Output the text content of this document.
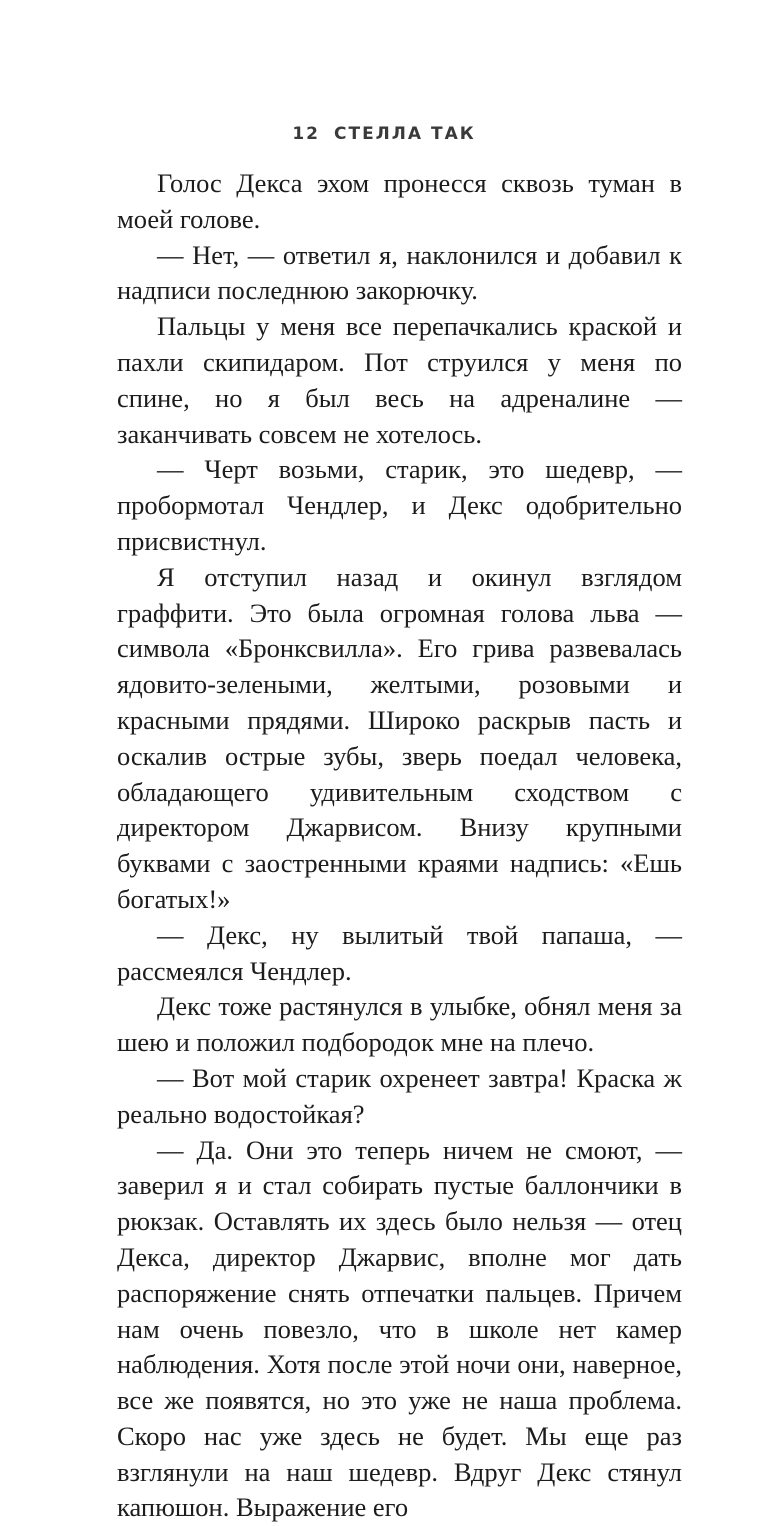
12 СТЕЛЛА ТАК

Голос Декса эхом пронесся сквозь туман в моей голове.

— Нет, — ответил я, наклонился и добавил к надписи последнюю закорючку.

Пальцы у меня все перепачкались краской и пахли скипидаром. Пот струился у меня по спине, но я был весь на адреналине — заканчивать совсем не хотелось.

— Черт возьми, старик, это шедевр, — пробормотал Чендлер, и Декс одобрительно присвистнул.

Я отступил назад и окинул взглядом граффити. Это была огромная голова льва — символа «Бронксвилла». Его грива развевалась ядовито-зелеными, желтыми, розовыми и красными прядями. Широко раскрыв пасть и оскалив острые зубы, зверь поедал человека, обладающего удивительным сходством с директором Джарвисом. Внизу крупными буквами с заостренными краями надпись: «Ешь богатых!»

— Декс, ну вылитый твой папаша, — рассмеялся Чендлер.

Декс тоже растянулся в улыбке, обнял меня за шею и положил подбородок мне на плечо.

— Вот мой старик охренеет завтра! Краска ж реально водостойкая?

— Да. Они это теперь ничем не смоют, — заверил я и стал собирать пустые баллончики в рюкзак. Оставлять их здесь было нельзя — отец Декса, директор Джарвис, вполне мог дать распоряжение снять отпечатки пальцев. Причем нам очень повезло, что в школе нет камер наблюдения. Хотя после этой ночи они, наверное, все же появятся, но это уже не наша проблема. Скоро нас уже здесь не будет. Мы еще раз взглянули на наш шедевр. Вдруг Декс стянул капюшон. Выражение его
